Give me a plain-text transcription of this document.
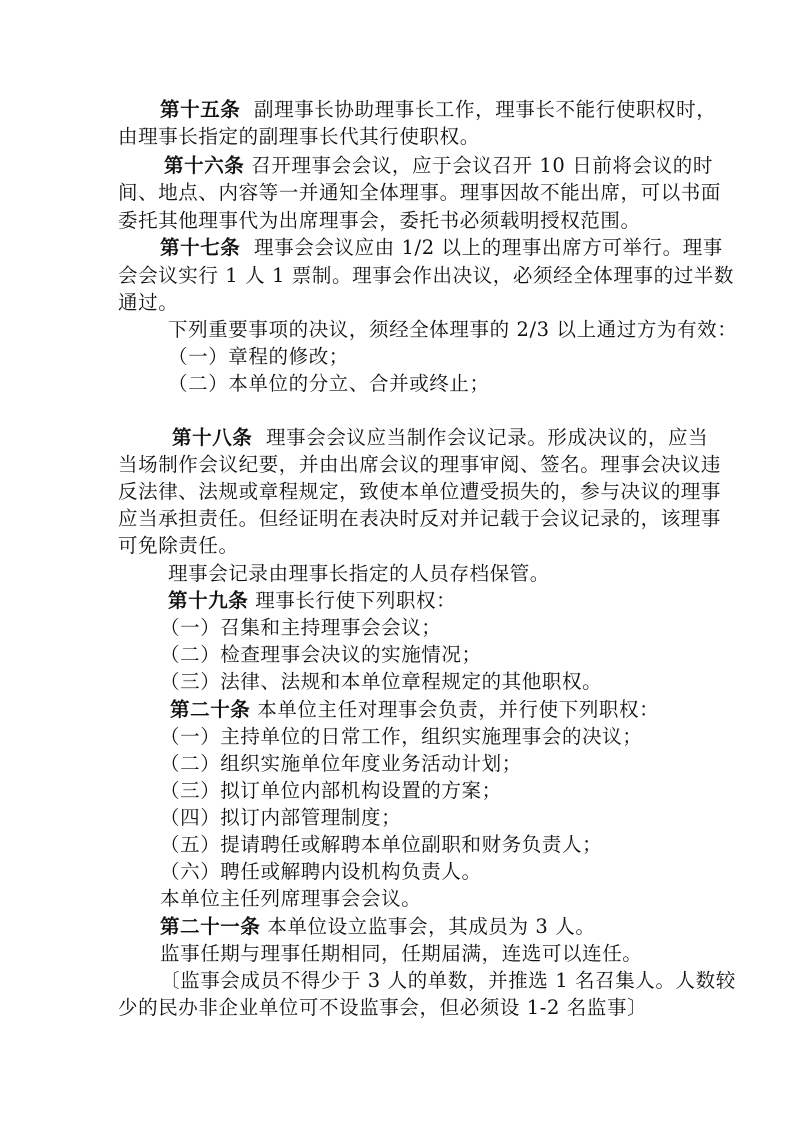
第十五条 副理事长协助理事长工作，理事长不能行使职权时，
由理事长指定的副理事长代其行使职权。
第十六条 召开理事会会议，应于会议召开 10 日前将会议的时
间、地点、内容等一并通知全体理事。理事因故不能出席，可以书面
委托其他理事代为出席理事会，委托书必须载明授权范围。
第十七条 理事会会议应由 1/2 以上的理事出席方可举行。理事
会会议实行 1 人 1 票制。理事会作出决议，必须经全体理事的过半数
通过。
下列重要事项的决议，须经全体理事的 2/3 以上通过方为有效：
（一）章程的修改；
（二）本单位的分立、合并或终止；
第十八条 理事会会议应当制作会议记录。形成决议的，应当
当场制作会议纪要，并由出席会议的理事审阅、签名。理事会决议违
反法律、法规或章程规定，致使本单位遭受损失的，参与决议的理事
应当承担责任。但经证明在表决时反对并记载于会议记录的，该理事
可免除责任。
理事会记录由理事长指定的人员存档保管。
第十九条 理事长行使下列职权：
（一）召集和主持理事会会议；
（二）检查理事会决议的实施情况；
（三）法律、法规和本单位章程规定的其他职权。
第二十条 本单位主任对理事会负责，并行使下列职权：
（一）主持单位的日常工作，组织实施理事会的决议；
（二）组织实施单位年度业务活动计划；
（三）拟订单位内部机构设置的方案；
（四）拟订内部管理制度；
（五）提请聘任或解聘本单位副职和财务负责人；
（六）聘任或解聘内设机构负责人。
本单位主任列席理事会会议。
第二十一条 本单位设立监事会，其成员为 3 人。
监事任期与理事任期相同，任期届满，连选可以连任。
〔监事会成员不得少于 3 人的单数，并推选 1 名召集人。人数较
少的民办非企业单位可不设监事会，但必须设 1-2 名监事〕
